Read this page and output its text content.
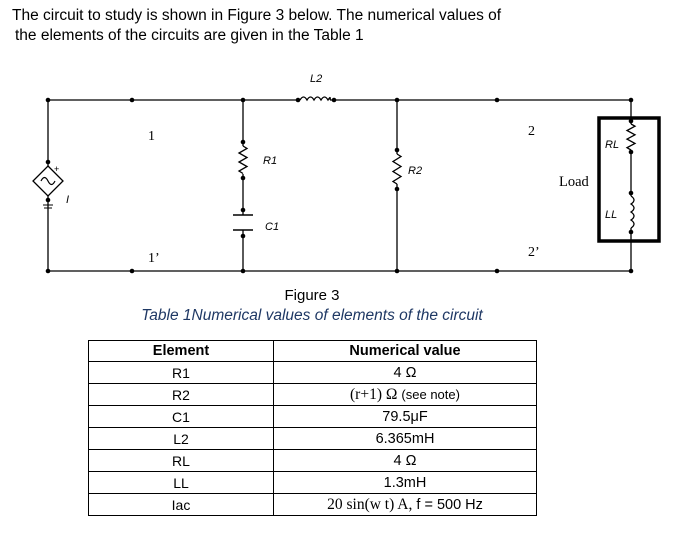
The circuit to study is shown in Figure 3 below. The numerical values of
the elements of the circuits are given in the Table 1
L2
R1
C1
R2
RL
LL
I
+
1
1’
2
2’
Load
Figure 3
Table 1Numerical values of elements of the circuit
Element	Numerical value
R1	4 Ω
R2	(r+1) Ω (see note)
C1	79.5μF
L2	6.365mH
RL	4 Ω
LL	1.3mH
Iac	20 sin(w t) A, f = 500 Hz
